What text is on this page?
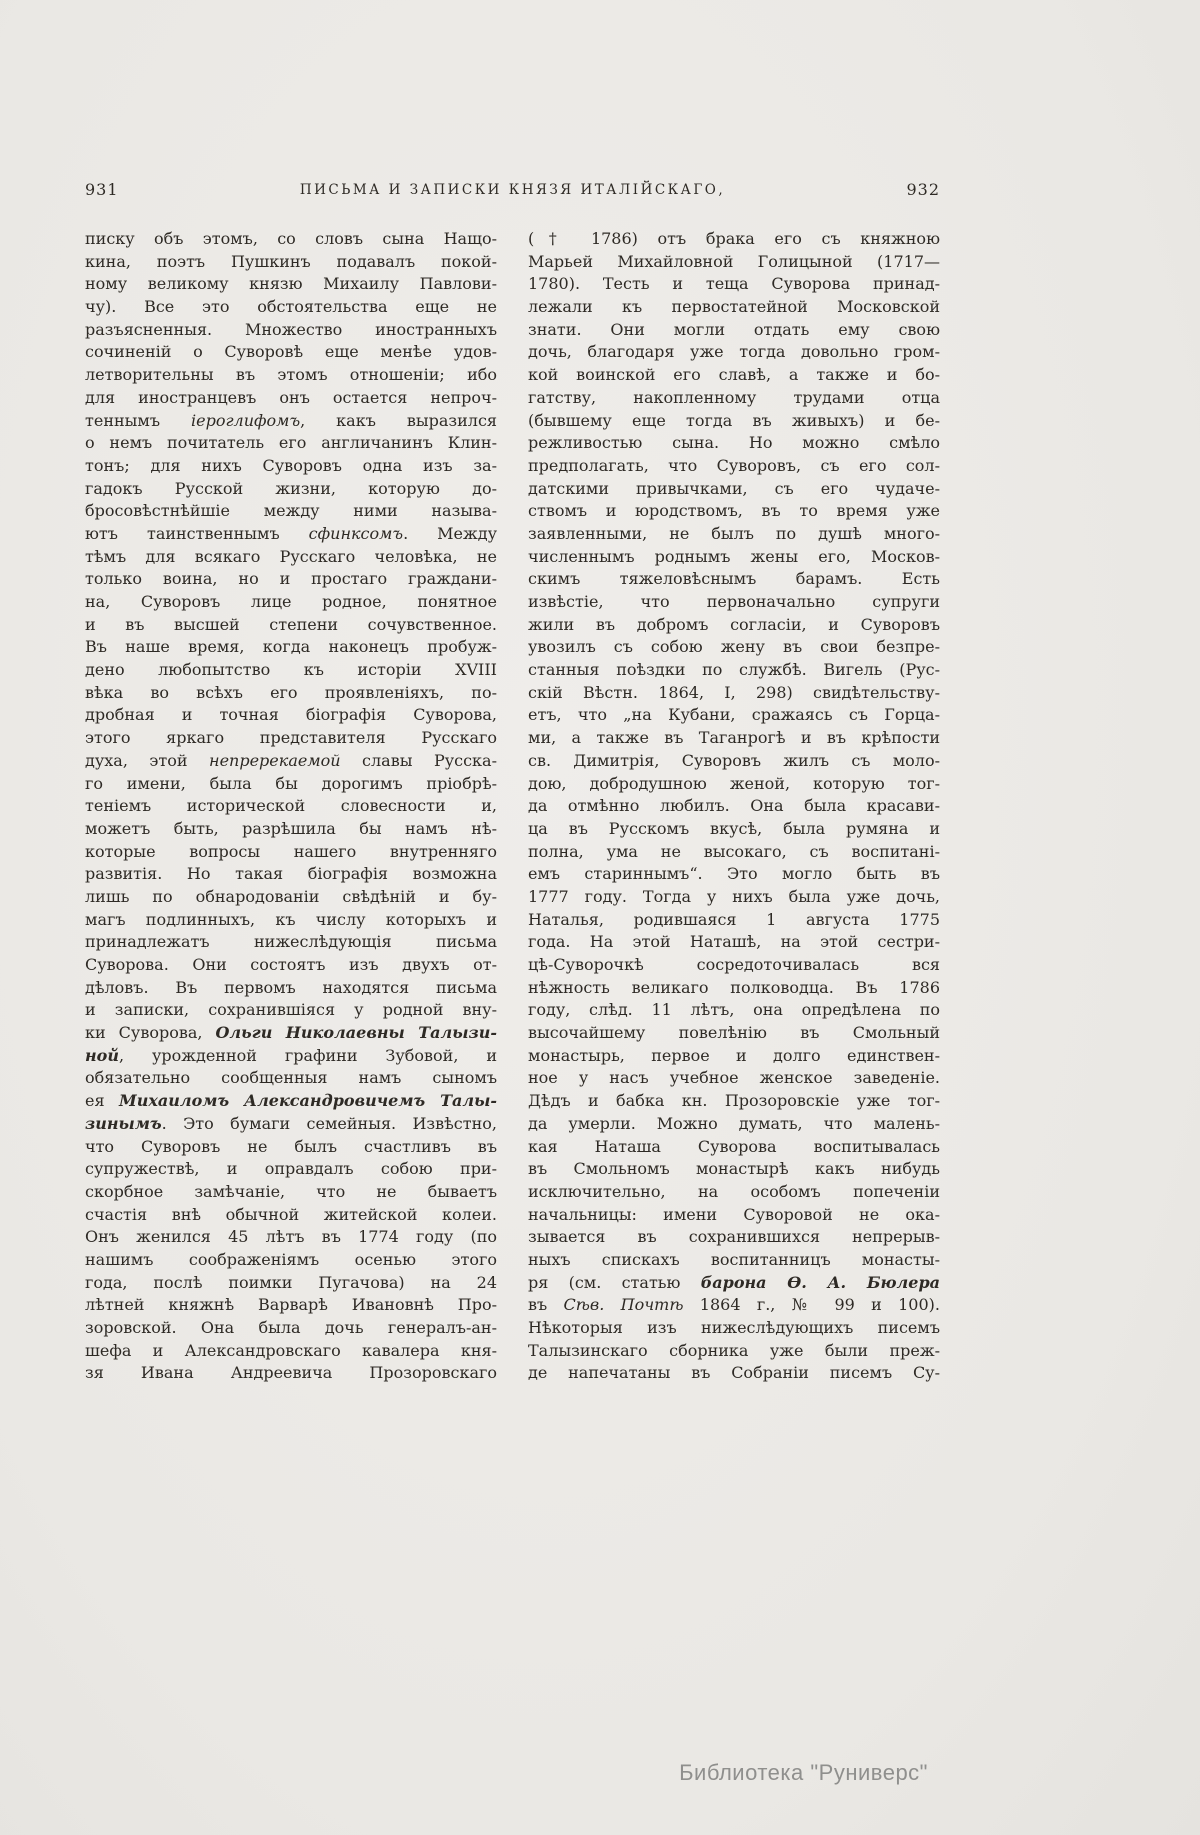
931	ПИСЬМА И ЗАПИСКИ КНЯЗЯ ИТАЛІЙСКАГО,	932
писку объ этомъ, со словъ сына Нащо-
кина, поэтъ Пушкинъ подавалъ покой-
ному великому князю Михаилу Павлови-
чу). Все это обстоятельства еще не
разъясненныя. Множество иностранныхъ
сочиненій о Суворовѣ еще менѣе удов-
летворительны въ этомъ отношеніи; ибо
для иностранцевъ онъ остается непроч-
теннымъ іероглифомъ, какъ выразился
о немъ почитатель его англичанинъ Клин-
тонъ; для нихъ Суворовъ одна изъ за-
гадокъ Русской жизни, которую до-
бросовѣстнѣйшіе между ними называ-
ютъ таинственнымъ сфинксомъ. Между
тѣмъ для всякаго Русскаго человѣка, не
только воина, но и простаго граждани-
на, Суворовъ лице родное, понятное
и въ высшей степени сочувственное.
Въ наше время, когда наконецъ пробуж-
дено любопытство къ исторіи XVIII
вѣка во всѣхъ его проявленіяхъ, по-
дробная и точная біографія Суворова,
этого яркаго представителя Русскаго
духа, этой непререкаемой славы Русска-
го имени, была бы дорогимъ пріобрѣ-
теніемъ исторической словесности и,
можетъ быть, разрѣшила бы намъ нѣ-
которые вопросы нашего внутренняго
развитія. Но такая біографія возможна
лишь по обнародованіи свѣдѣній и бу-
магъ подлинныхъ, къ числу которыхъ и
принадлежатъ нижеслѣдующія письма
Суворова. Они состоятъ изъ двухъ от-
дѣловъ. Въ первомъ находятся письма
и записки, сохранившіяся у родной вну-
ки Суворова, Ольги Николаевны Талызи-
ной, урожденной графини Зубовой, и
обязательно сообщенныя намъ сыномъ
ея Михаиломъ Александровичемъ Талы-
зинымъ. Это бумаги семейныя. Извѣстно,
что Суворовъ не былъ счастливъ въ
супружествѣ, и оправдалъ собою при-
скорбное замѣчаніе, что не бываетъ
счастія внѣ обычной житейской колеи.
Онъ женился 45 лѣтъ въ 1774 году (по
нашимъ соображеніямъ осенью этого
года, послѣ поимки Пугачова) на 24
лѣтней княжнѣ Варварѣ Ивановнѣ Про-
зоровской. Она была дочь генералъ-ан-
шефа и Александровскаго кавалера кня-
зя Ивана Андреевича Прозоровскаго
(† 1786) отъ брака его съ княжною
Марьей Михайловной Голицыной (1717—
1780). Тесть и теща Суворова принад-
лежали къ первостатейной Московской
знати. Они могли отдать ему свою
дочь, благодаря уже тогда довольно гром-
кой воинской его славѣ, а также и бо-
гатству, накопленному трудами отца
(бывшему еще тогда въ живыхъ) и бе-
режливостью сына. Но можно смѣло
предполагать, что Суворовъ, съ его сол-
датскими привычками, съ его чудаче-
ствомъ и юродствомъ, въ то время уже
заявленными, не былъ по душѣ много-
численнымъ роднымъ жены его, Москов-
скимъ тяжеловѣснымъ барамъ. Есть
извѣстіе, что первоначально супруги
жили въ добромъ согласіи, и Суворовъ
увозилъ съ собою жену въ свои безпре-
станныя поѣздки по службѣ. Вигель (Рус-
скій Вѣстн. 1864, I, 298) свидѣтельству-
етъ, что „на Кубани, сражаясь съ Горца-
ми, а также въ Таганрогѣ и въ крѣпости
св. Димитрія, Суворовъ жилъ съ моло-
дою, добродушною женой, которую тог-
да отмѣнно любилъ. Она была красави-
ца въ Русскомъ вкусѣ, была румяна и
полна, ума не высокаго, съ воспитані-
емъ стариннымъ“. Это могло быть въ
1777 году. Тогда у нихъ была уже дочь,
Наталья, родившаяся 1 августа 1775
года. На этой Наташѣ, на этой сестри-
цѣ-Суворочкѣ сосредоточивалась вся
нѣжность великаго полководца. Въ 1786
году, слѣд. 11 лѣтъ, она опредѣлена по
высочайшему повелѣнію въ Смольный
монастырь, первое и долго единствен-
ное у насъ учебное женское заведеніе.
Дѣдъ и бабка кн. Прозоровскіе уже тог-
да умерли. Можно думать, что малень-
кая Наташа Суворова воспитывалась
въ Смольномъ монастырѣ какъ нибудь
исключительно, на особомъ попеченіи
начальницы: имени Суворовой не ока-
зывается въ сохранившихся непрерыв-
ныхъ спискахъ воспитанницъ монасты-
ря (см. статью барона Ѳ. А. Бюлера
въ Сѣв. Почтѣ 1864 г., № 99 и 100).
Нѣкоторыя изъ нижеслѣдующихъ писемъ
Талызинскаго сборника уже были преж-
де напечатаны въ Собраніи писемъ Су-
Библиотека "Руниверс"
